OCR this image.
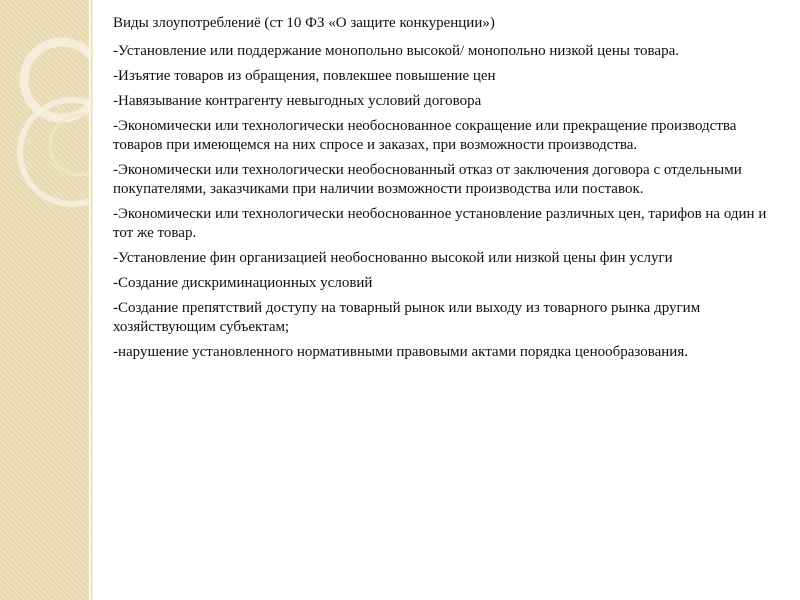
Виды злоупотреблениё (ст 10 ФЗ «О защите конкуренции»)

-Установление или поддержание монопольно высокой/ монопольно низкой цены товара.

-Изъятие товаров из обращения, повлекшее повышение цен

-Навязывание контрагенту невыгодных условий договора

-Экономически или технологически необоснованное сокращение или прекращение производства товаров при имеющемся на них спросе и заказах, при возможности производства.

-Экономически или технологически необоснованный отказ от заключения договора с отдельными покупателями, заказчиками при наличии возможности производства или поставок.

-Экономически или технологически необоснованное установление различных цен, тарифов на один и тот же товар.

-Установление фин организацией необоснованно высокой или низкой цены фин услуги

-Создание дискриминационных условий

-Создание препятствий доступу на товарный рынок или выходу из товарного рынка другим хозяйствующим субъектам;

-нарушение установленного нормативными правовыми актами порядка ценообразования.
